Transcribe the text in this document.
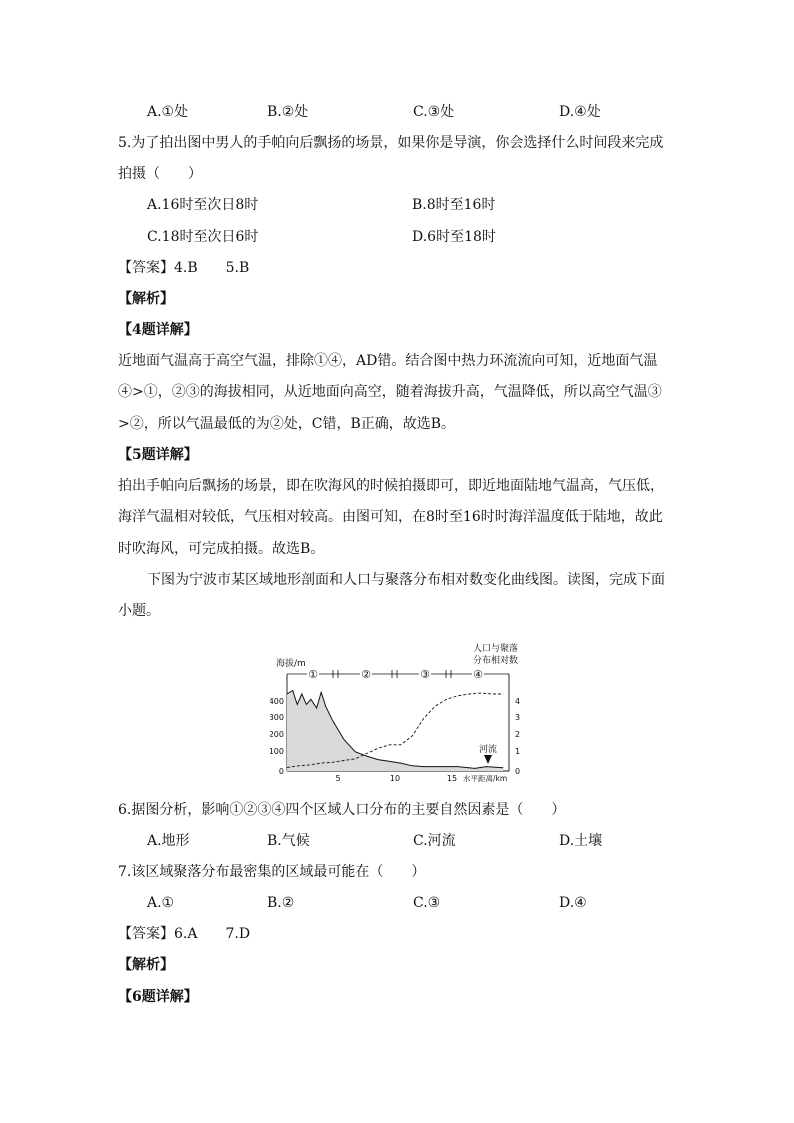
A.①处	B.②处	C.③处	D.④处
5.为了拍出图中男人的手帕向后飘扬的场景，如果你是导演，你会选择什么时间段来完成
拍摄（　　）
A.16时至次日8时	B.8时至16时
C.18时至次日6时	D.6时至18时
【答案】4.B　　5.B
【解析】
【4题详解】
近地面气温高于高空气温，排除①④，AD错。结合图中热力环流流向可知，近地面气温
④>①，②③的海拔相同，从近地面向高空，随着海拔升高，气温降低，所以高空气温③
>②，所以气温最低的为②处，C错，B正确，故选B。
【5题详解】
拍出手帕向后飘扬的场景，即在吹海风的时候拍摄即可，即近地面陆地气温高，气压低，
海洋气温相对较低，气压相对较高。由图可知，在8时至16时时海洋温度低于陆地，故此
时吹海风，可完成拍摄。故选B。
下图为宁波市某区域地形剖面和人口与聚落分布相对数变化曲线图。读图，完成下面
小题。
海拔/m
人口与聚落
分布相对数
①	②	③	④
400
300
200
100
0
4
3
2
1
0
5	10	15 水平距离/km
河流
6.据图分析，影响①②③④四个区域人口分布的主要自然因素是（　　）
A.地形	B.气候	C.河流	D.土壤
7.该区域聚落分布最密集的区域最可能在（　　）
A.①	B.②	C.③	D.④
【答案】6.A　　7.D
【解析】
【6题详解】
